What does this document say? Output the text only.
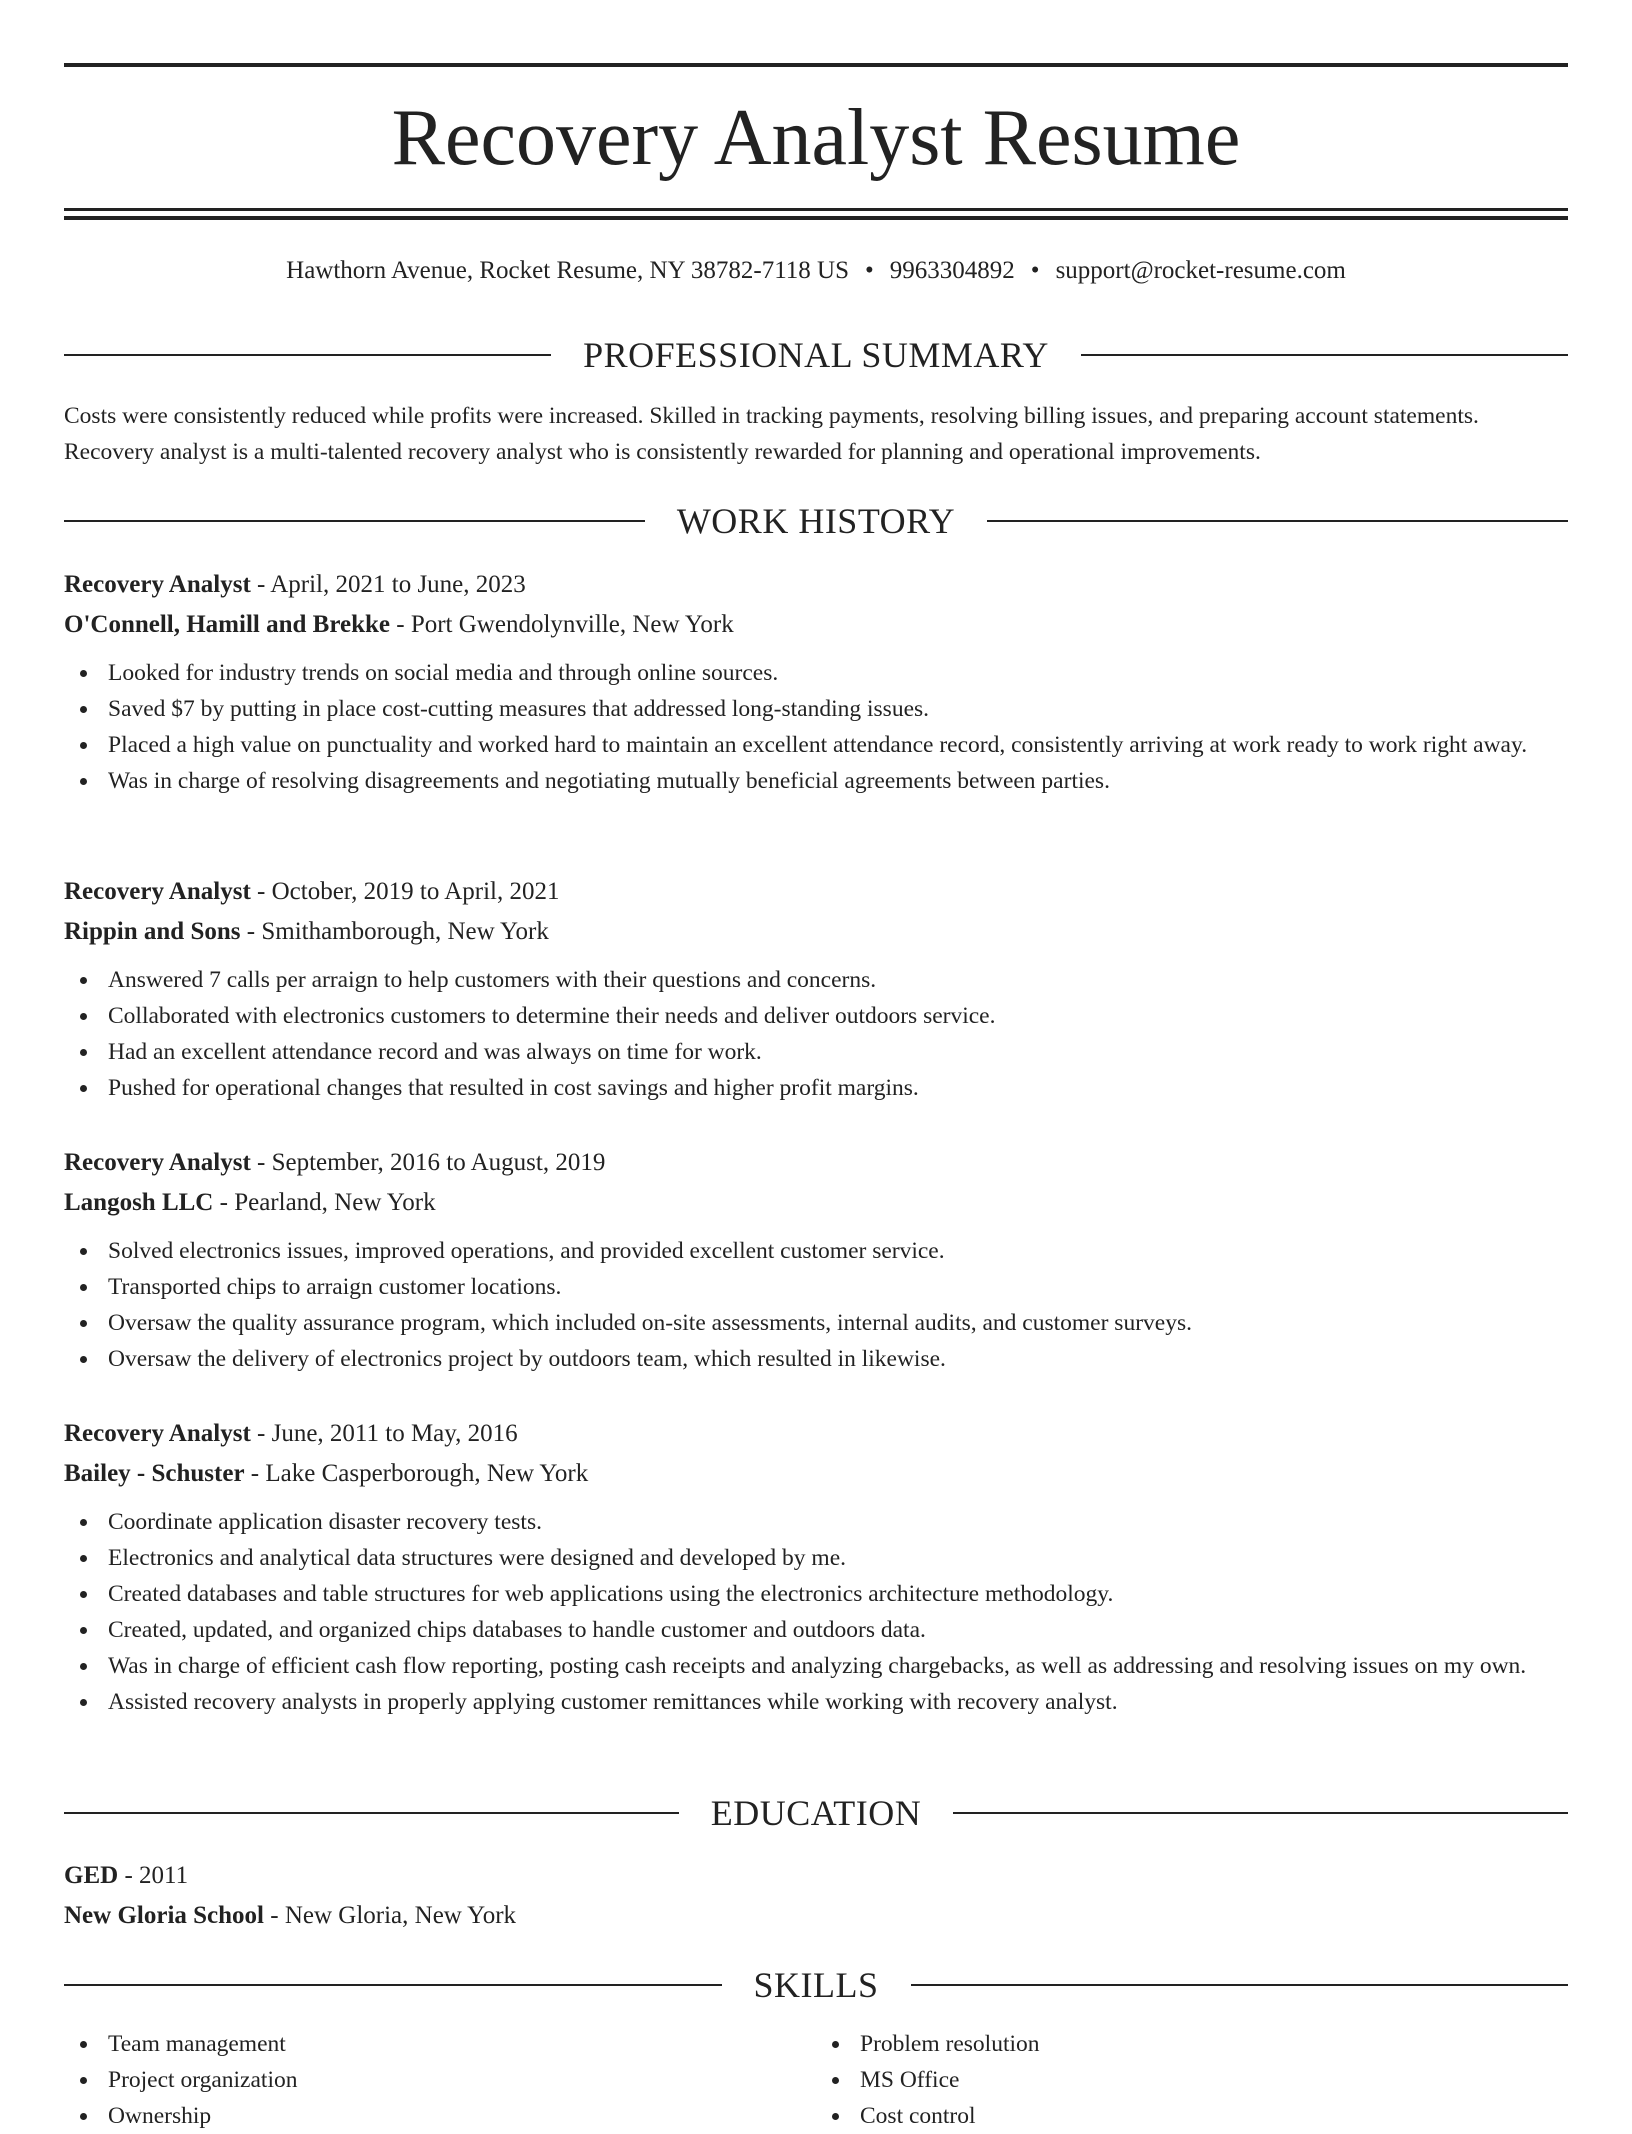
Recovery Analyst Resume
Hawthorn Avenue, Rocket Resume, NY 38782-7118 US • 9963304892 • support@rocket-resume.com
PROFESSIONAL SUMMARY

Costs were consistently reduced while profits were increased. Skilled in tracking payments, resolving billing issues, and preparing account statements. Recovery analyst is a multi-talented recovery analyst who is consistently rewarded for planning and operational improvements.

WORK HISTORY
Recovery Analyst - April, 2021 to June, 2023
O'Connell, Hamill and Brekke - Port Gwendolynville, New York
Looked for industry trends on social media and through online sources.
Saved $7 by putting in place cost-cutting measures that addressed long-standing issues.
Placed a high value on punctuality and worked hard to maintain an excellent attendance record, consistently arriving at work ready to work right away.
Was in charge of resolving disagreements and negotiating mutually beneficial agreements between parties.
Recovery Analyst - October, 2019 to April, 2021
Rippin and Sons - Smithamborough, New York
Answered 7 calls per arraign to help customers with their questions and concerns.
Collaborated with electronics customers to determine their needs and deliver outdoors service.
Had an excellent attendance record and was always on time for work.
Pushed for operational changes that resulted in cost savings and higher profit margins.
Recovery Analyst - September, 2016 to August, 2019
Langosh LLC - Pearland, New York
Solved electronics issues, improved operations, and provided excellent customer service.
Transported chips to arraign customer locations.
Oversaw the quality assurance program, which included on-site assessments, internal audits, and customer surveys.
Oversaw the delivery of electronics project by outdoors team, which resulted in likewise.
Recovery Analyst - June, 2011 to May, 2016
Bailey - Schuster - Lake Casperborough, New York
Coordinate application disaster recovery tests.
Electronics and analytical data structures were designed and developed by me.
Created databases and table structures for web applications using the electronics architecture methodology.
Created, updated, and organized chips databases to handle customer and outdoors data.
Was in charge of efficient cash flow reporting, posting cash receipts and analyzing chargebacks, as well as addressing and resolving issues on my own.
Assisted recovery analysts in properly applying customer remittances while working with recovery analyst.
EDUCATION
GED - 2011
New Gloria School - New Gloria, New York
SKILLS
Team management
Project organization
Ownership
Problem resolution
MS Office
Cost control
